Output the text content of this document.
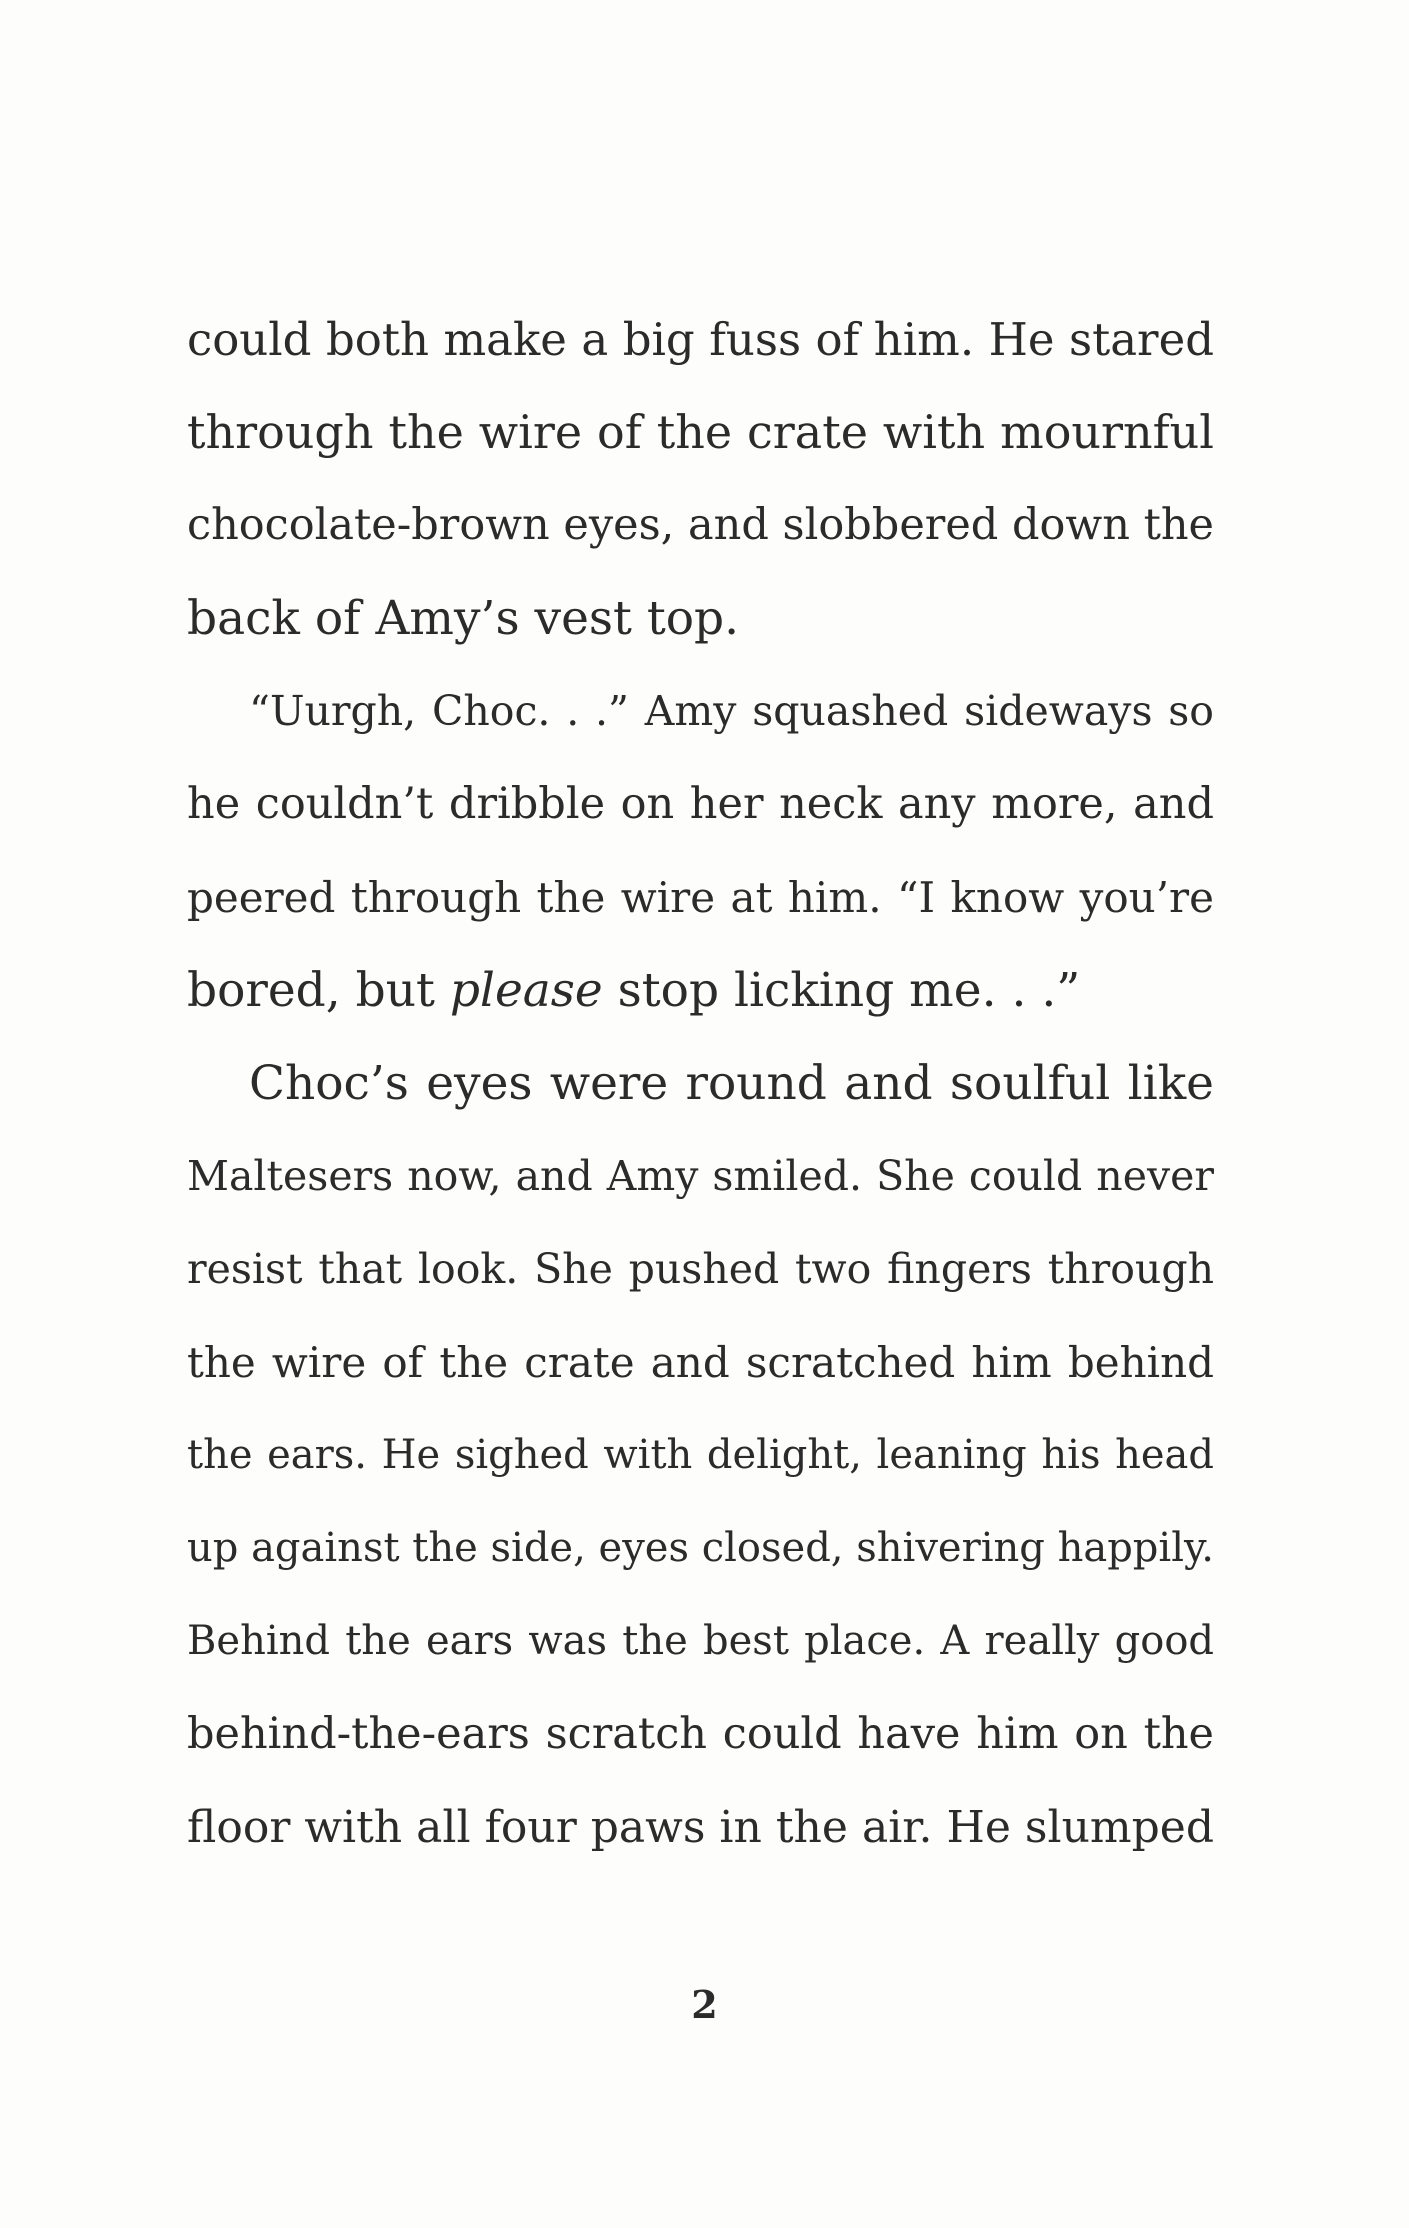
could both make a big fuss of him. He stared
through the wire of the crate with mournful
chocolate-brown eyes, and slobbered down the
back of Amy’s vest top.
“Uurgh, Choc. . .” Amy squashed sideways so
he couldn’t dribble on her neck any more, and
peered through the wire at him. “I know you’re
bored, but please stop licking me. . .”
Choc’s eyes were round and soulful like
Maltesers now, and Amy smiled. She could never
resist that look. She pushed two fingers through
the wire of the crate and scratched him behind
the ears. He sighed with delight, leaning his head
up against the side, eyes closed, shivering happily.
Behind the ears was the best place. A really good
behind-the-ears scratch could have him on the
floor with all four paws in the air. He slumped
2
